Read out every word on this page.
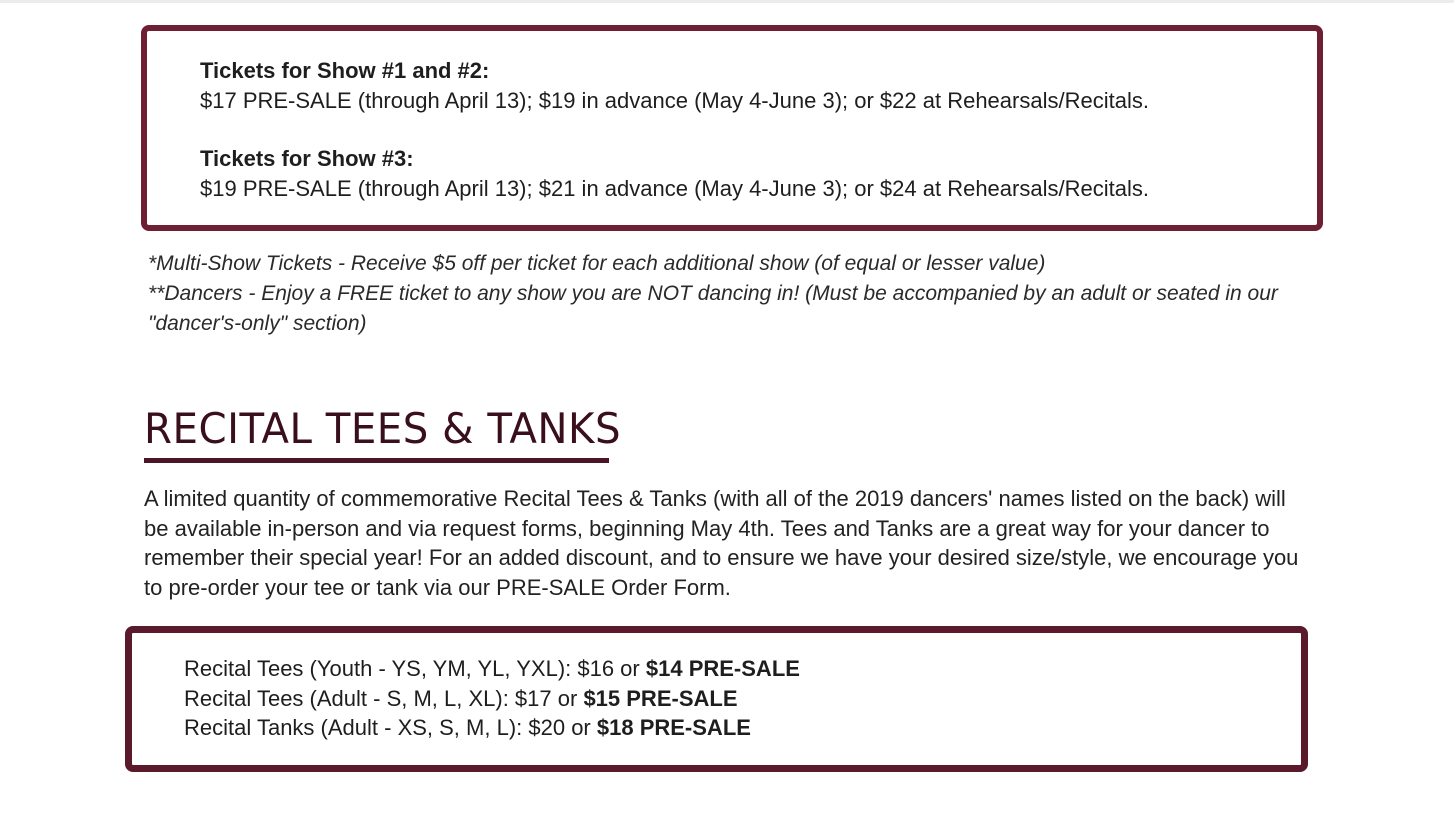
Tickets for Show #1 and #2:
$17 PRE-SALE (through April 13); $19 in advance (May 4-June 3); or $22 at Rehearsals/Recitals.
Tickets for Show #3:
$19 PRE-SALE (through April 13); $21 in advance (May 4-June 3); or $24 at Rehearsals/Recitals.
*Multi-Show Tickets - Receive $5 off per ticket for each additional show (of equal or lesser value)
**Dancers - Enjoy a FREE ticket to any show you are NOT dancing in! (Must be accompanied by an adult or seated in our "dancer's-only" section)
RECITAL TEES & TANKS
A limited quantity of commemorative Recital Tees & Tanks (with all of the 2019 dancers' names listed on the back) will be available in-person and via request forms, beginning May 4th. Tees and Tanks are a great way for your dancer to remember their special year! For an added discount, and to ensure we have your desired size/style, we encourage you to pre-order your tee or tank via our PRE-SALE Order Form.
Recital Tees (Youth - YS, YM, YL, YXL): $16 or $14 PRE-SALE
Recital Tees (Adult - S, M, L, XL): $17 or $15 PRE-SALE
Recital Tanks (Adult - XS, S, M, L): $20 or $18 PRE-SALE
